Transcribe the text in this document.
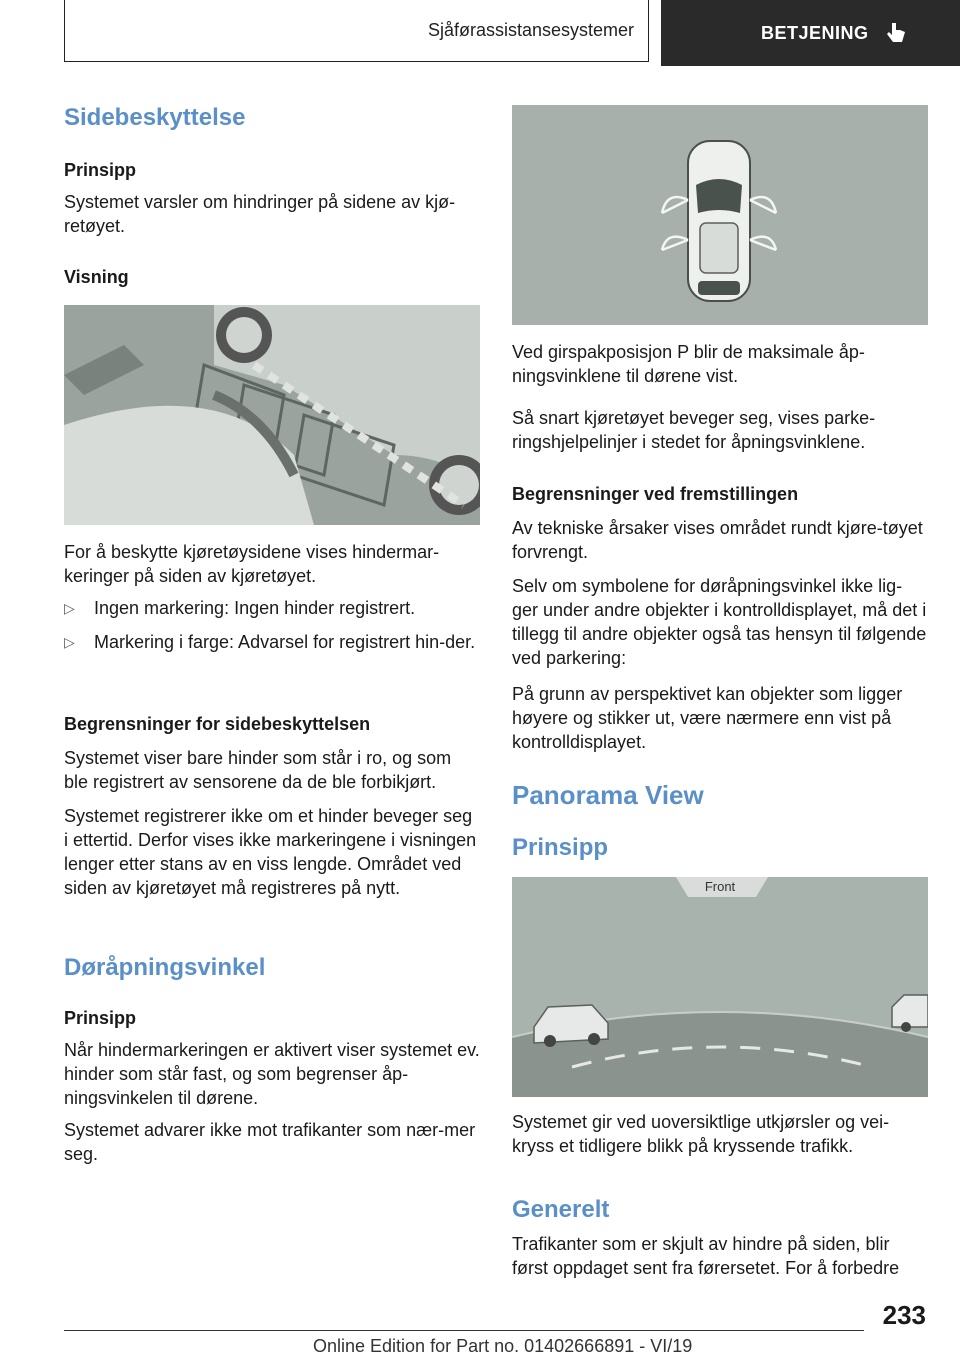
Sjåførassistansesystemer	BETJENING
Sidebeskyttelse
Prinsipp

Systemet varsler om hindringer på sidene av kjø-retøyet.

Visning

For å beskytte kjøretøysidene vises hindermar-keringer på siden av kjøretøyet.

▷ Ingen markering: Ingen hinder registrert.
▷ Markering i farge: Advarsel for registrert hin-der.
Begrensninger for sidebeskyttelsen

Systemet viser bare hinder som står i ro, og som ble registrert av sensorene da de ble forbikjørt.

Systemet registrerer ikke om et hinder beveger seg i ettertid. Derfor vises ikke markeringene i visningen lenger etter stans av en viss lengde. Området ved siden av kjøretøyet må registreres på nytt.

Døråpningsvinkel
Prinsipp

Når hindermarkeringen er aktivert viser systemet ev. hinder som står fast, og som begrenser åp-ningsvinkelen til dørene.

Systemet advarer ikke mot trafikanter som nær-mer seg.

Ved girspakposisjon P blir de maksimale åp-ningsvinklene til dørene vist.

Så snart kjøretøyet beveger seg, vises parke-ringshjelpelinjer i stedet for åpningsvinklene.

Begrensninger ved fremstillingen

Av tekniske årsaker vises området rundt kjøre-tøyet forvrengt.

Selv om symbolene for døråpningsvinkel ikke lig-ger under andre objekter i kontrolldisplayet, må det i tillegg til andre objekter også tas hensyn til følgende ved parkering:

På grunn av perspektivet kan objekter som ligger høyere og stikker ut, være nærmere enn vist på kontrolldisplayet.

Panorama View
Prinsipp
Front

Systemet gir ved uoversiktlige utkjørsler og vei-kryss et tidligere blikk på kryssende trafikk.

Generelt

Trafikanter som er skjult av hindre på siden, blir først oppdaget sent fra førersetet. For å forbedre

233
Online Edition for Part no. 01402666891 - VI/19
